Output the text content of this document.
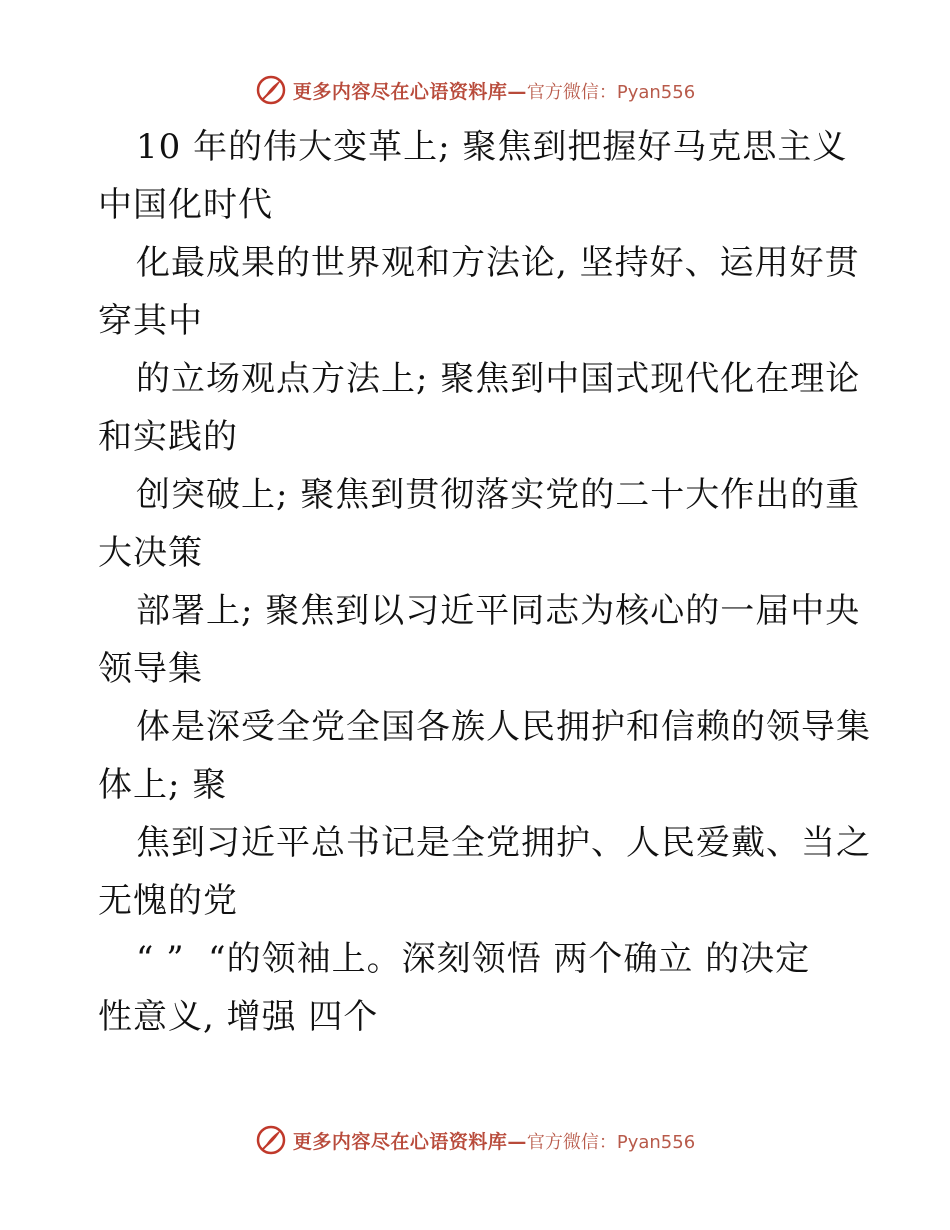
更多内容尽在心语资料库— 官方微信：Pyan556
10 年的伟大变革上; 聚焦到把握好马克思主义
中国化时代
化最成果的世界观和方法论, 坚持好、运用好贯
穿其中
的立场观点方法上; 聚焦到中国式现代化在理论
和实践的
创突破上; 聚焦到贯彻落实党的二十大作出的重
大决策
部署上; 聚焦到以习近平同志为核心的一届中央
领导集
体是深受全党全国各族人民拥护和信赖的领导集
体上; 聚
焦到习近平总书记是全党拥护、人民爱戴、当之
无愧的党
“ ”  “的领袖上。深刻领悟 两个确立 的决定
性意义, 增强 四个
更多内容尽在心语资料库— 官方微信：Pyan556
